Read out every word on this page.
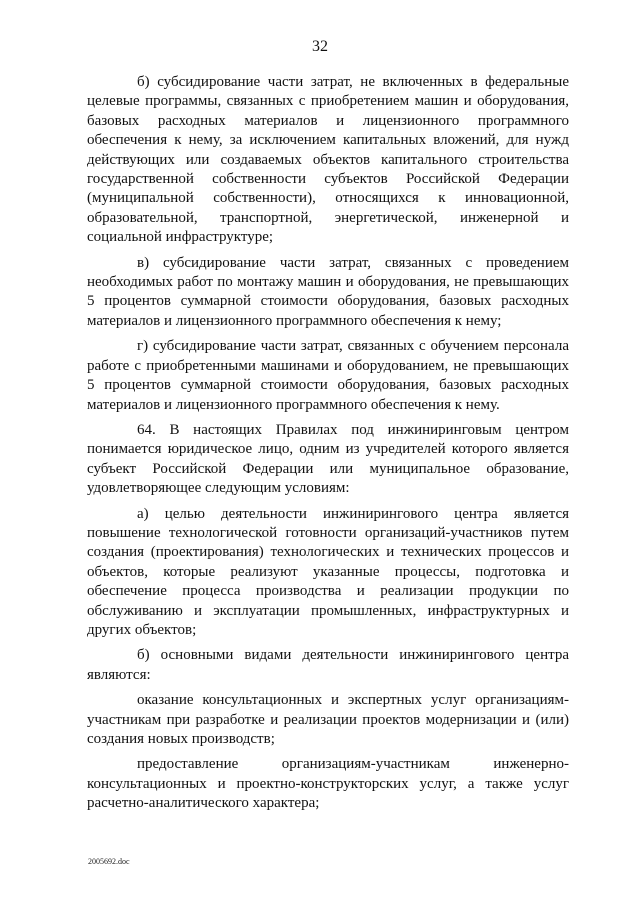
32

б) субсидирование части затрат, не включенных в федеральные целевые программы, связанных с приобретением машин и оборудования, базовых расходных материалов и лицензионного программного обеспечения к нему, за исключением капитальных вложений, для нужд действующих или создаваемых объектов капитального строительства государственной собственности субъектов Российской Федерации (муниципальной собственности), относящихся к инновационной, образовательной, транспортной, энергетической, инженерной и социальной инфраструктуре;

в) субсидирование части затрат, связанных с проведением необходимых работ по монтажу машин и оборудования, не превышающих 5 процентов суммарной стоимости оборудования, базовых расходных материалов и лицензионного программного обеспечения к нему;

г) субсидирование части затрат, связанных с обучением персонала работе с приобретенными машинами и оборудованием, не превышающих 5 процентов суммарной стоимости оборудования, базовых расходных материалов и лицензионного программного обеспечения к нему.

64. В настоящих Правилах под инжиниринговым центром понимается юридическое лицо, одним из учредителей которого является субъект Российской Федерации или муниципальное образование, удовлетворяющее следующим условиям:

а) целью деятельности инжинирингового центра является повышение технологической готовности организаций-участников путем создания (проектирования) технологических и технических процессов и объектов, которые реализуют указанные процессы, подготовка и обеспечение процесса производства и реализации продукции по обслуживанию и эксплуатации промышленных, инфраструктурных и других объектов;

б) основными видами деятельности инжинирингового центра являются:

оказание консультационных и экспертных услуг организациям-участникам при разработке и реализации проектов модернизации и (или) создания новых производств;

предоставление организациям-участникам инженерно-консультационных и проектно-конструкторских услуг, а также услуг расчетно-аналитического характера;

2005692.doc
